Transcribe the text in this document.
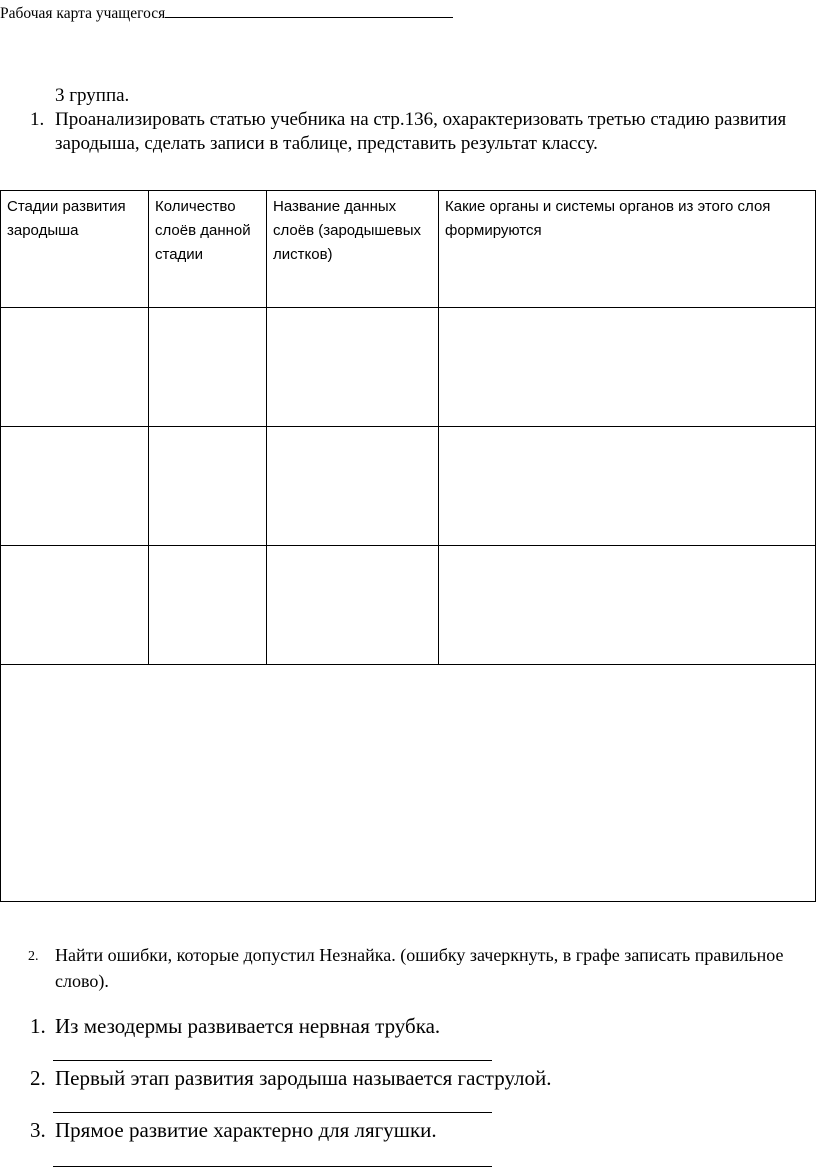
Рабочая карта учащегося
3 группа.
1. Проанализировать статью учебника на стр.136, охарактеризовать третью стадию развития зародыша, сделать записи в таблице, представить результат классу.
Стадии развития зародыша	Количество слоёв данной стадии	Название данных слоёв (зародышевых листков)	Какие органы и системы органов из этого слоя формируются

2. Найти ошибки, которые допустил Незнайка. (ошибку зачеркнуть, в графе записать правильное слово).
1. Из мезодермы развивается нервная трубка.
2. Первый этап развития зародыша называется гаструлой.
3. Прямое развитие характерно для лягушки.
